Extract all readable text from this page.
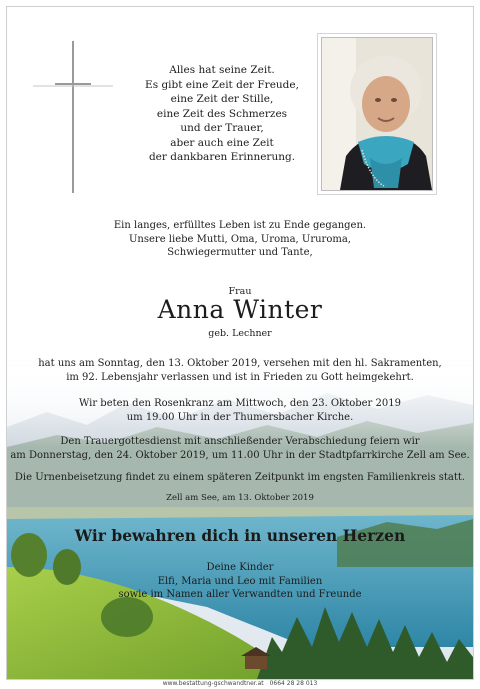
Alles hat seine Zeit.
Es gibt eine Zeit der Freude,
eine Zeit der Stille,
eine Zeit des Schmerzes
und der Trauer,
aber auch eine Zeit
der dankbaren Erinnerung.
Ein langes, erfülltes Leben ist zu Ende gegangen.
Unsere liebe Mutti, Oma, Uroma, Ururoma,
Schwiegermutter und Tante,
Frau
Anna Winter
geb. Lechner
hat uns am Sonntag, den 13. Oktober 2019, versehen mit den hl. Sakramenten,
im 92. Lebensjahr verlassen und ist in Frieden zu Gott heimgekehrt.
Wir beten den Rosenkranz am Mittwoch, den 23. Oktober 2019
um 19.00 Uhr in der Thumersbacher Kirche.
Den Trauergottesdienst mit anschließender Verabschiedung feiern wir
am Donnerstag, den 24. Oktober 2019, um 11.00 Uhr in der Stadtpfarrkirche Zell am See.
Die Urnenbeisetzung findet zu einem späteren Zeitpunkt im engsten Familienkreis statt.
Zell am See, am 13. Oktober 2019
Wir bewahren dich in unseren Herzen
Deine Kinder
Elfi, Maria und Leo mit Familien
sowie im Namen aller Verwandten und Freunde
www.bestattung-gschwandtner.at 0664 28 28 013
